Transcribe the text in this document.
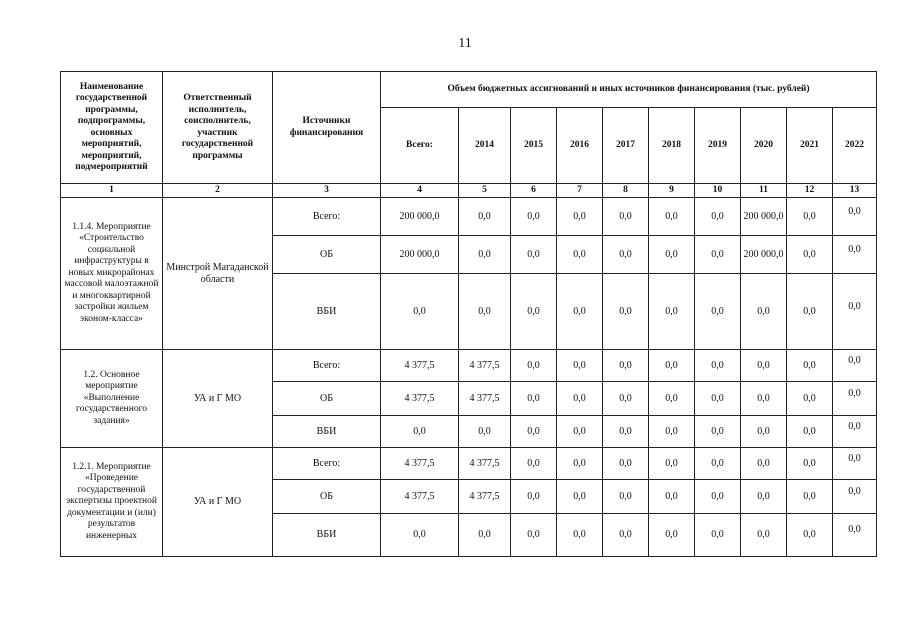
11
Наименование государственной программы, подпрограммы, основных мероприятий, мероприятий, подмероприятий	Ответственный исполнитель, соисполнитель, участник государственной программы	Источники финансирования	Объем бюджетных ассигнований и иных источников финансирования (тыс. рублей)									
			Всего:	2014	2015	2016	2017	2018	2019	2020	2021	2022
1	2	3	4	5	6	7	8	9	10	11	12	13
1.1.4. Мероприятие «Строительство социальной инфраструктуры в новых микрорайонах массовой малоэтажной и многоквартирной застройки жильем эконом-класса»	Минстрой Магаданской области	Всего:	200 000,0	0,0	0,0	0,0	0,0	0,0	0,0	200 000,0	0,0	0,0
		ОБ	200 000,0	0,0	0,0	0,0	0,0	0,0	0,0	200 000,0	0,0	0,0
		ВБИ	0,0	0,0	0,0	0,0	0,0	0,0	0,0	0,0	0,0	0,0
1.2. Основное мероприятие «Выполнение государственного задания»	УА и Г МО	Всего:	4 377,5	4 377,5	0,0	0,0	0,0	0,0	0,0	0,0	0,0	0,0
		ОБ	4 377,5	4 377,5	0,0	0,0	0,0	0,0	0,0	0,0	0,0	0,0
		ВБИ	0,0	0,0	0,0	0,0	0,0	0,0	0,0	0,0	0,0	0,0
1.2.1. Мероприятие «Проведение государственной экспертизы проектной документации и (или) результатов инженерных	УА и Г МО	Всего:	4 377,5	4 377,5	0,0	0,0	0,0	0,0	0,0	0,0	0,0	0,0
		ОБ	4 377,5	4 377,5	0,0	0,0	0,0	0,0	0,0	0,0	0,0	0,0
		ВБИ	0,0	0,0	0,0	0,0	0,0	0,0	0,0	0,0	0,0	0,0
